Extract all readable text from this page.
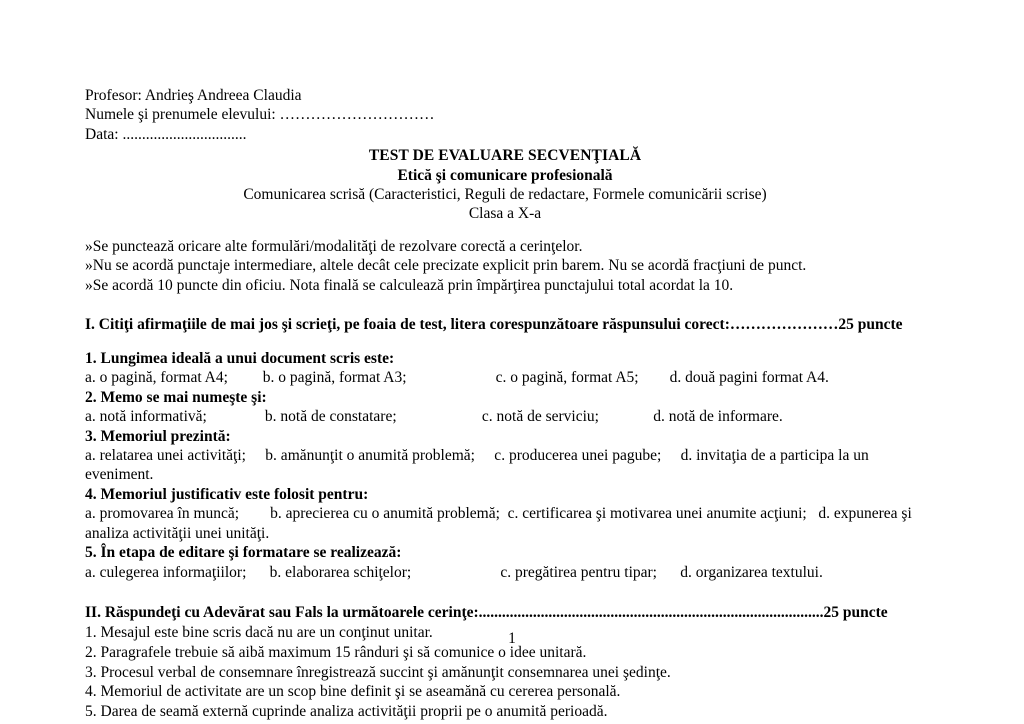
Profesor: Andrieş Andreea Claudia
Numele şi prenumele elevului: …………………………
Data: ................................
TEST DE EVALUARE SECVENŢIALĂ
Etică şi comunicare profesională
Comunicarea scrisă (Caracteristici, Reguli de redactare, Formele comunicării scrise)
Clasa a X-a
»Se punctează oricare alte formulări/modalităţi de rezolvare corectă a cerinţelor.
»Nu se acordă punctaje intermediare, altele decât cele precizate explicit prin barem. Nu se acordă fracţiuni de punct.
»Se acordă 10 puncte din oficiu. Nota finală se calculează prin împărţirea punctajului total acordat la 10.
I. Citiţi afirmaţiile de mai jos şi scrieţi, pe foaia de test, litera corespunzătoare răspunsului corect:…………………25 puncte
1. Lungimea ideală a unui document scris este:
a. o pagină, format A4;         b. o pagină, format A3;                       c. o pagină, format A5;        d. două pagini format A4.
2. Memo se mai numeşte şi:
a. notă informativă;               b. notă de constatare;                      c. notă de serviciu;              d. notă de informare.
3. Memoriul prezintă:
a. relatarea unei activităţi;     b. amănunţit o anumită problemă;     c. producerea unei pagube;     d. invitaţia de a participa la un eveniment.
4. Memoriul justificativ este folosit pentru:
a. promovarea în muncă;        b. aprecierea cu o anumită problemă;  c. certificarea şi motivarea unei anumite acţiuni;   d. expunerea şi analiza activităţii unei unităţi.
5. În etapa de editare şi formatare se realizează:
a. culegerea informaţiilor;      b. elaborarea schiţelor;                       c. pregătirea pentru tipar;      d. organizarea textului.
II. Răspundeţi cu Adevărat sau Fals la următoarele cerinţe:.........................................................................................25 puncte
1. Mesajul este bine scris dacă nu are un conţinut unitar.
2. Paragrafele trebuie să aibă maximum 15 rânduri şi să comunice o idee unitară.
3. Procesul verbal de consemnare înregistrează succint şi amănunţit consemnarea unei şedinţe.
4. Memoriul de activitate are un scop bine definit şi se aseamănă cu cererea personală.
5. Darea de seamă externă cuprinde analiza activităţii proprii pe o anumită perioadă.
1
